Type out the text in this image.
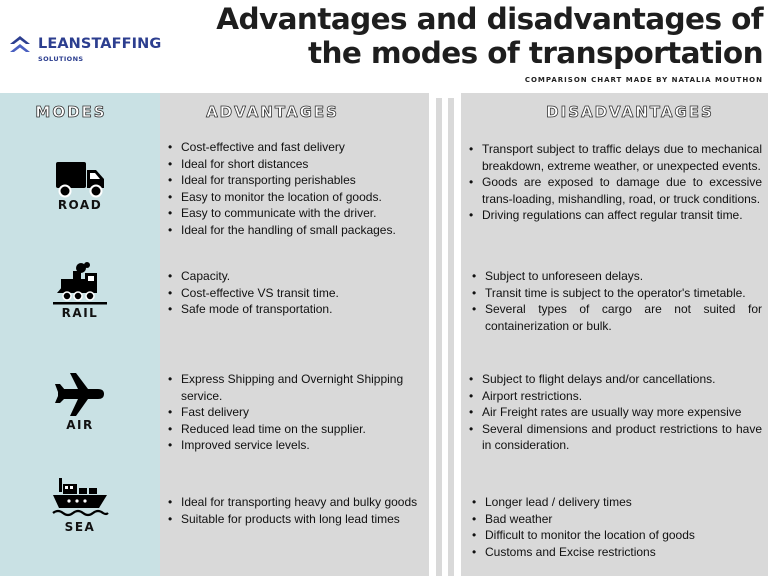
LEANSTAFFING
SOLUTIONS
Advantages and disadvantages of the modes of transportation
COMPARISON CHART MADE BY NATALIA MOUTHON
MODES	ADVANTAGES	DISADVANTAGES
ROAD
RAIL
AIR
SEA
• Cost-effective and fast delivery
• Ideal for short distances
• Ideal for transporting perishables
• Easy to monitor the location of goods.
• Easy to communicate with the driver.
• Ideal for the handling of small packages.
• Transport subject to traffic delays due to mechanical breakdown, extreme weather, or unexpected events.
• Goods are exposed to damage due to excessive trans-loading, mishandling, road, or truck conditions.
• Driving regulations can affect regular transit time.
• Capacity.
• Cost-effective VS transit time.
• Safe mode of transportation.
• Subject to unforeseen delays.
• Transit time is subject to the operator's timetable.
• Several types of cargo are not suited for containerization or bulk.
• Express Shipping and Overnight Shipping service.
• Fast delivery
• Reduced lead time on the supplier.
• Improved service levels.
• Subject to flight delays and/or cancellations.
• Airport restrictions.
• Air Freight rates are usually way more expensive
• Several dimensions and product restrictions to have in consideration.
• Ideal for transporting heavy and bulky goods
• Suitable for products with long lead times
• Longer lead / delivery times
• Bad weather
• Difficult to monitor the location of goods
• Customs and Excise restrictions
